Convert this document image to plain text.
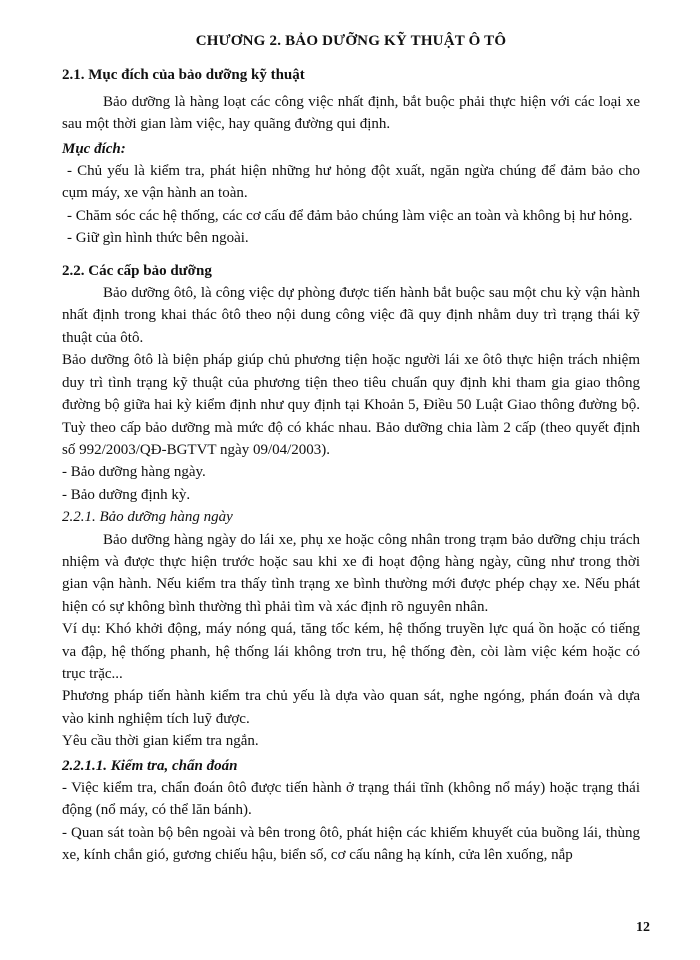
CHƯƠNG 2. BẢO DƯỠNG KỸ THUẬT Ô TÔ

2.1. Mục đích của bảo dưỡng kỹ thuật

Bảo dưỡng là hàng loạt các công việc nhất định, bắt buộc phải thực hiện với các loại xe sau một thời gian làm việc, hay quãng đường qui định.

Mục đích:

- Chủ yếu là kiểm tra, phát hiện những hư hỏng đột xuất, ngăn ngừa chúng để đảm bảo cho cụm máy, xe vận hành an toàn.

- Chăm sóc các hệ thống, các cơ cấu để đảm bảo chúng làm việc an toàn và không bị hư hỏng.

- Giữ gìn hình thức bên ngoài.

2.2. Các cấp bảo dưỡng

Bảo dưỡng ôtô, là công việc dự phòng được tiến hành bắt buộc sau một chu kỳ vận hành nhất định trong khai thác ôtô theo nội dung công việc đã quy định nhằm duy trì trạng thái kỹ thuật của ôtô.

Bảo dưỡng ôtô là biện pháp giúp chủ phương tiện hoặc người lái xe ôtô thực hiện trách nhiệm duy trì tình trạng kỹ thuật của phương tiện theo tiêu chuẩn quy định khi tham gia giao thông đường bộ giữa hai kỳ kiểm định như quy định tại Khoản 5, Điều 50 Luật Giao thông đường bộ. Tuỳ theo cấp bảo dưỡng mà mức độ có khác nhau. Bảo dưỡng chia làm 2 cấp (theo quyết định số 992/2003/QĐ-BGTVT ngày 09/04/2003).

- Bảo dưỡng hàng ngày.

- Bảo dưỡng định kỳ.

2.2.1. Bảo dưỡng hàng ngày

Bảo dưỡng hàng ngày do lái xe, phụ xe hoặc công nhân trong trạm bảo dưỡng chịu trách nhiệm và được thực hiện trước hoặc sau khi xe đi hoạt động hàng ngày, cũng như trong thời gian vận hành. Nếu kiểm tra thấy tình trạng xe bình thường mới được phép chạy xe. Nếu phát hiện có sự không bình thường thì phải tìm và xác định rõ nguyên nhân.

Ví dụ: Khó khởi động, máy nóng quá, tăng tốc kém, hệ thống truyền lực quá ồn hoặc có tiếng va đập, hệ thống phanh, hệ thống lái không trơn tru, hệ thống đèn, còi làm việc kém hoặc có trục trặc...

Phương pháp tiến hành kiểm tra chủ yếu là dựa vào quan sát, nghe ngóng, phán đoán và dựa vào kinh nghiệm tích luỹ được.

Yêu cầu thời gian kiểm tra ngắn.

2.2.1.1. Kiểm tra, chẩn đoán

- Việc kiểm tra, chẩn đoán ôtô được tiến hành ở trạng thái tĩnh (không nổ máy) hoặc trạng thái động (nổ máy, có thể lăn bánh).

- Quan sát toàn bộ bên ngoài và bên trong ôtô, phát hiện các khiếm khuyết của buồng lái, thùng xe, kính chắn gió, gương chiếu hậu, biển số, cơ cấu nâng hạ kính, cửa lên xuống, nắp

12
